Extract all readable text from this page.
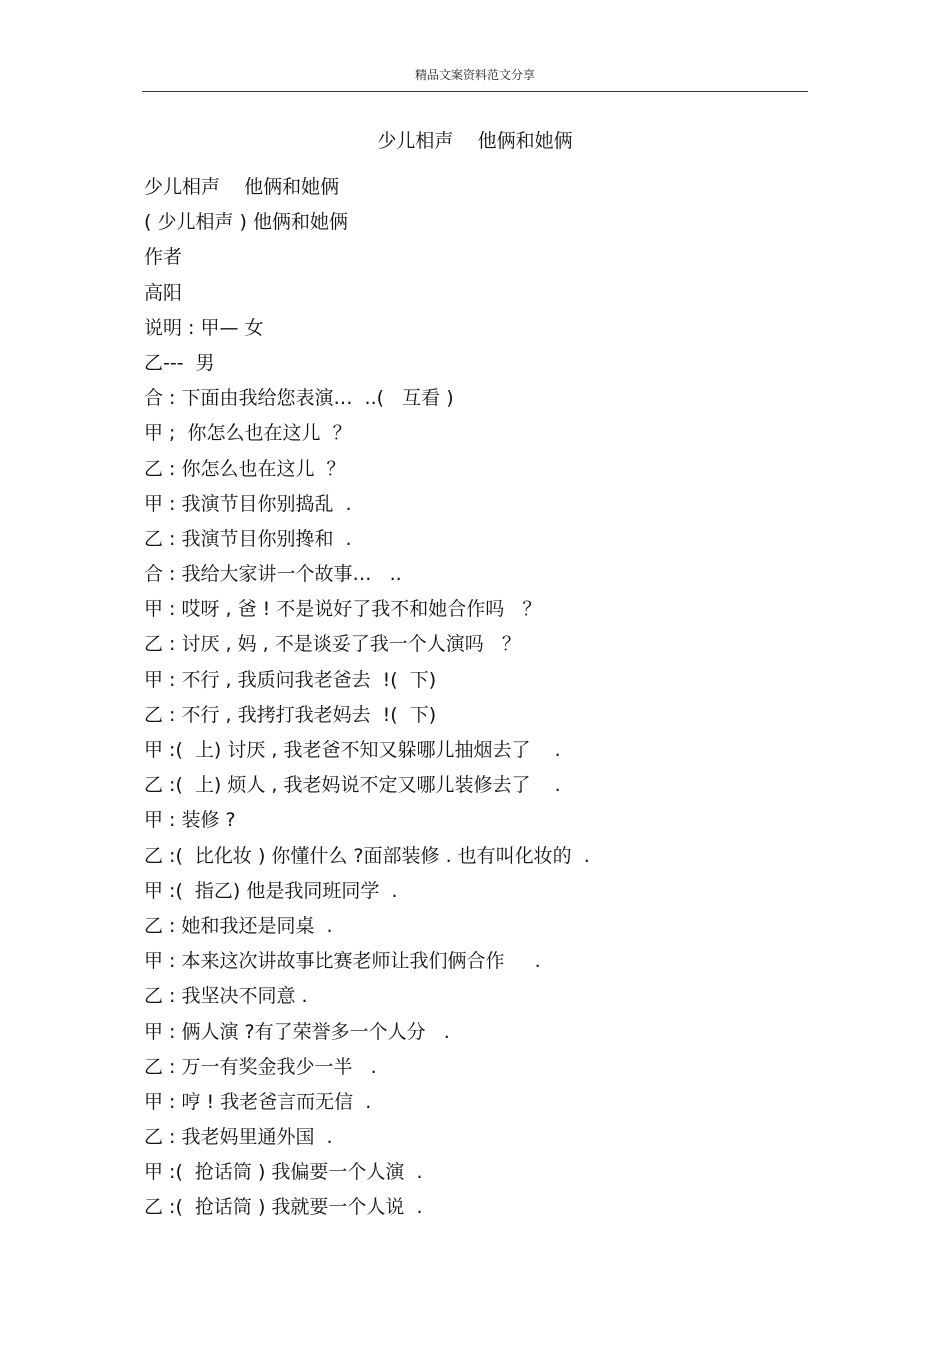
精品文案资料范文分享
少儿相声    他俩和她俩
少儿相声    他俩和她俩
( 少儿相声 ) 他俩和她俩
作者
高阳
说明 : 甲— 女
乙---  男
合 : 下面由我给您表演…  ..(   互看 )
甲 ;  你怎么也在这儿  ？
乙 : 你怎么也在这儿  ？
甲 : 我演节目你别捣乱  .
乙 : 我演节目你别搀和  .
合 : 我给大家讲一个故事…   ..
甲 : 哎呀 , 爸 ! 不是说好了我不和她合作吗   ？
乙 : 讨厌 , 妈 , 不是谈妥了我一个人演吗   ？
甲 : 不行 , 我质问我老爸去  !(  下)
乙 : 不行 , 我拷打我老妈去  !(  下)
甲 :(  上) 讨厌 , 我老爸不知又躲哪儿抽烟去了    .
乙 :(  上) 烦人 , 我老妈说不定又哪儿装修去了    .
甲 : 装修 ?
乙 :(  比化妆 ) 你懂什么 ?面部装修 . 也有叫化妆的  .
甲 :(  指乙) 他是我同班同学  .
乙 : 她和我还是同桌  .
甲 : 本来这次讲故事比赛老师让我们俩合作     .
乙 : 我坚决不同意 .
甲 : 俩人演 ?有了荣誉多一个人分   .
乙 : 万一有奖金我少一半   .
甲 : 哼 ! 我老爸言而无信  .
乙 : 我老妈里通外国  .
甲 :(  抢话筒 ) 我偏要一个人演  .
乙 :(  抢话筒 ) 我就要一个人说  .
